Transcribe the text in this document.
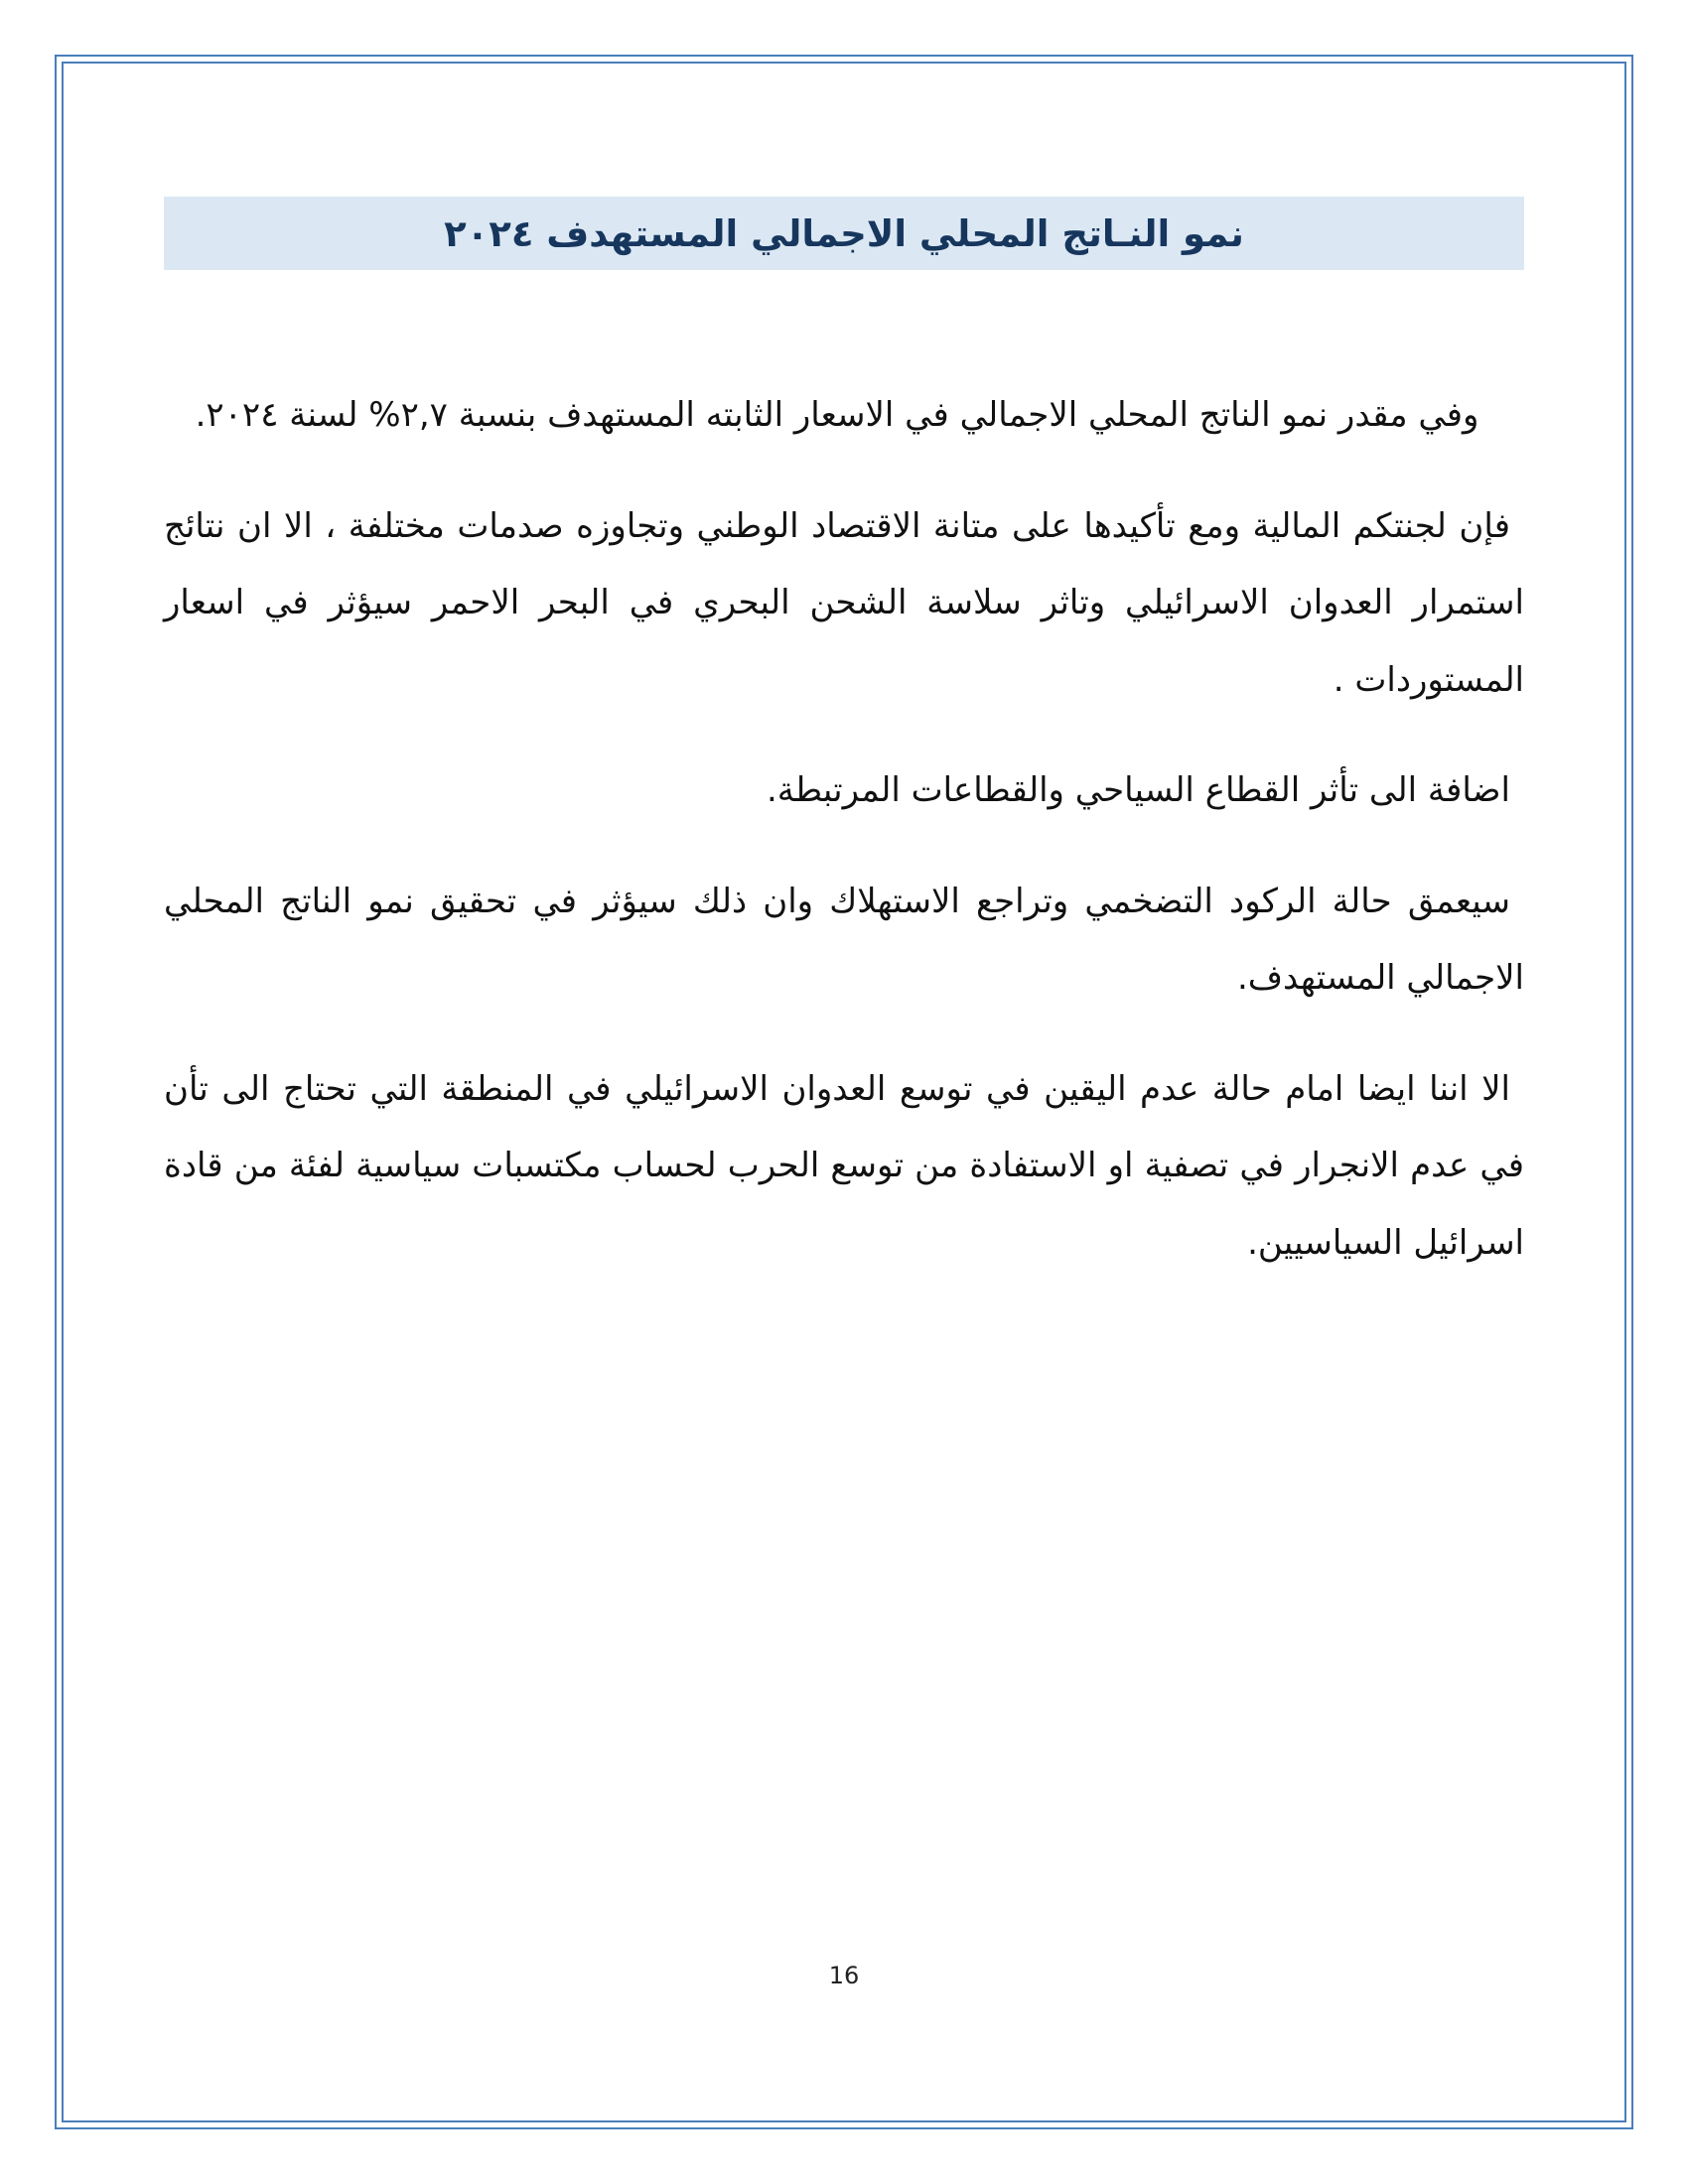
نمو النـاتج المحلي الاجمالي المستهدف ٢٠٢٤

وفي مقدر نمو الناتج المحلي الاجمالي في الاسعار الثابته المستهدف بنسبة ٢,٧% لسنة ٢٠٢٤.

فإن لجنتكم المالية ومع تأكيدها على متانة الاقتصاد الوطني وتجاوزه صدمات مختلفة ، الا ان نتائج استمرار العدوان الاسرائيلي وتاثر سلاسة الشحن البحري في البحر الاحمر سيؤثر في اسعار المستوردات .

اضافة الى تأثر القطاع السياحي والقطاعات المرتبطة.

سيعمق حالة الركود التضخمي وتراجع الاستهلاك وان ذلك سيؤثر في تحقيق نمو الناتج المحلي الاجمالي المستهدف.

الا اننا ايضا امام حالة عدم اليقين في توسع العدوان الاسرائيلي في المنطقة التي تحتاج الى تأن في عدم الانجرار في تصفية او الاستفادة من توسع الحرب لحساب مكتسبات سياسية لفئة من قادة اسرائيل السياسيين.

16
